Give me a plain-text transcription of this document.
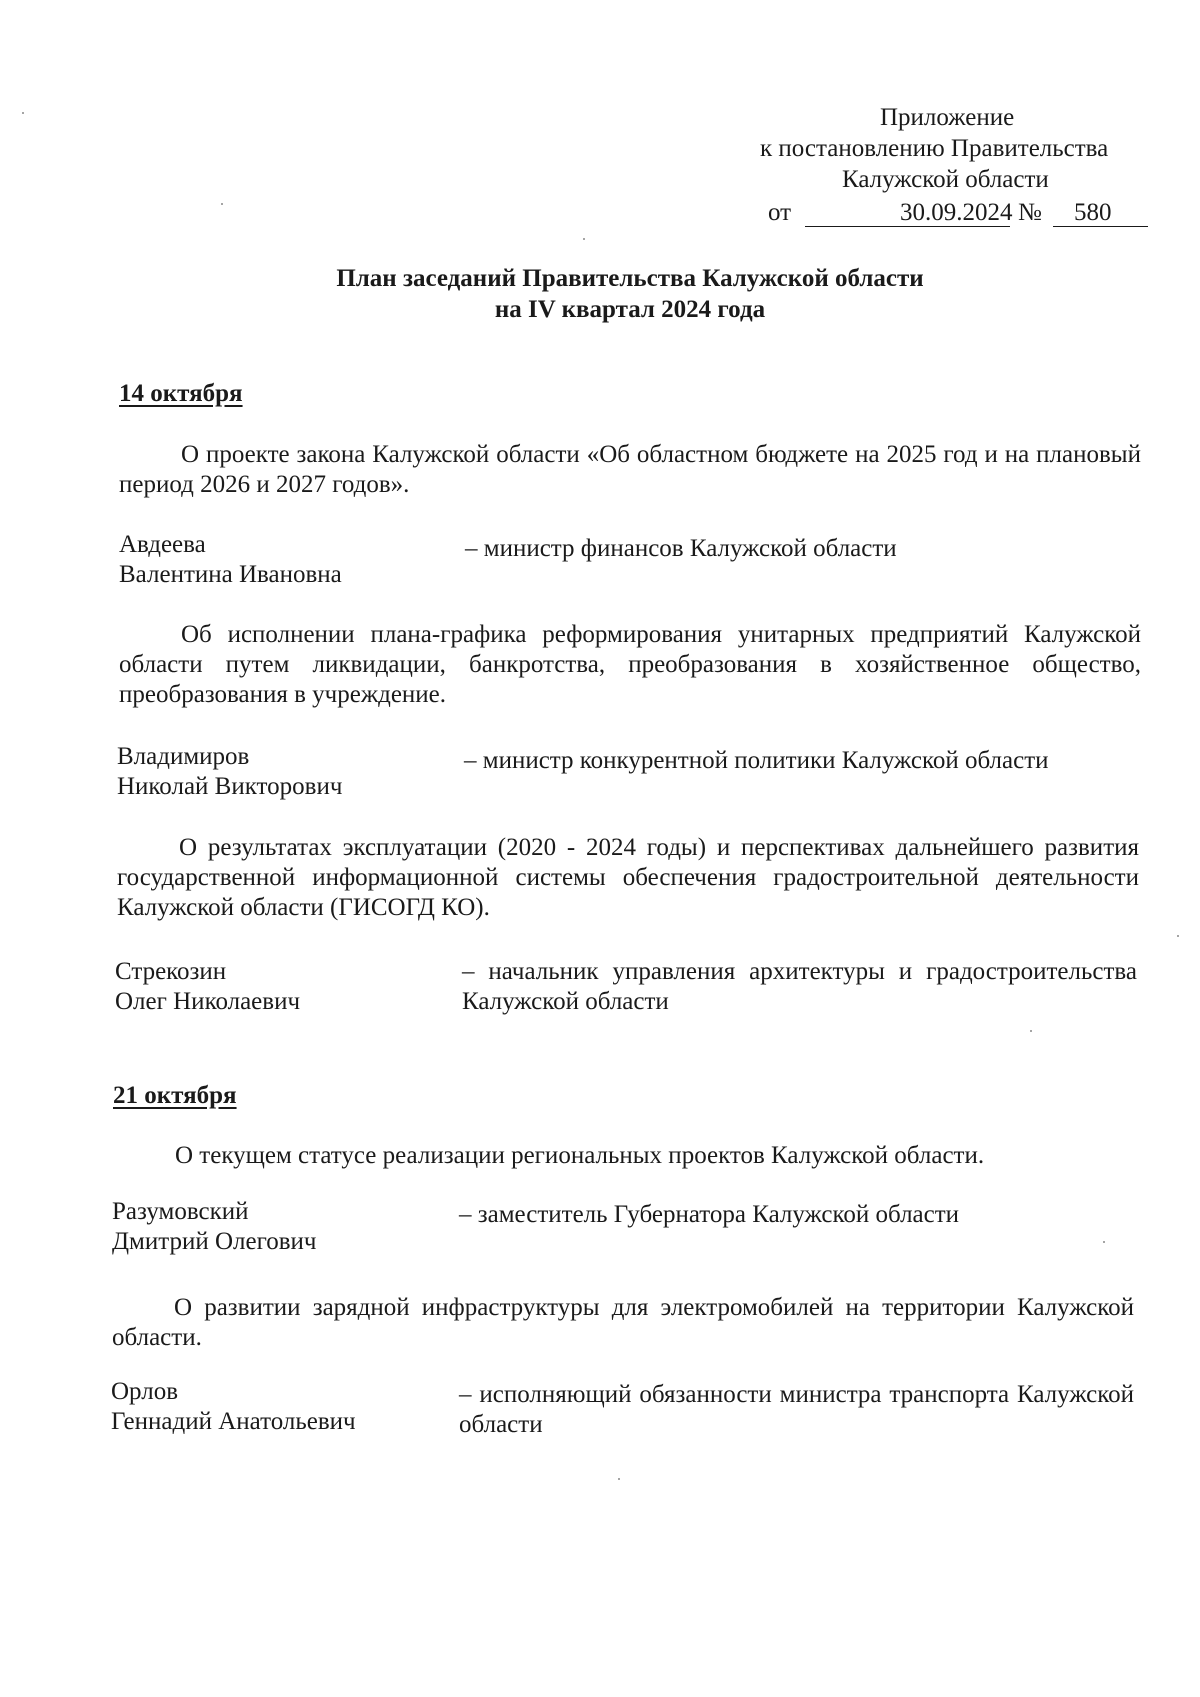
Приложение
к постановлению Правительства
Калужской области
от	30.09.2024 № 580
План заседаний Правительства Калужской области
на IV квартал 2024 года
14 октября
О проекте закона Калужской области «Об областном бюджете на 2025 год и на плановый период 2026 и 2027 годов».
Авдеева
Валентина Ивановна
– министр финансов Калужской области
Об исполнении плана-графика реформирования унитарных предприятий Калужской области путем ликвидации, банкротства, преобразования в хозяйственное общество, преобразования в учреждение.
Владимиров
Николай Викторович
– министр конкурентной политики Калужской области
О результатах эксплуатации (2020 - 2024 годы) и перспективах дальнейшего развития государственной информационной системы обеспечения градостроительной деятельности Калужской области (ГИСОГД КО).
Стрекозин
Олег Николаевич
– начальник управления архитектуры и градостроительства Калужской области
21 октября
О текущем статусе реализации региональных проектов Калужской области.
Разумовский
Дмитрий Олегович
– заместитель Губернатора Калужской области
О развитии зарядной инфраструктуры для электромобилей на территории Калужской области.
Орлов
Геннадий Анатольевич
– исполняющий обязанности министра транспорта Калужской области
